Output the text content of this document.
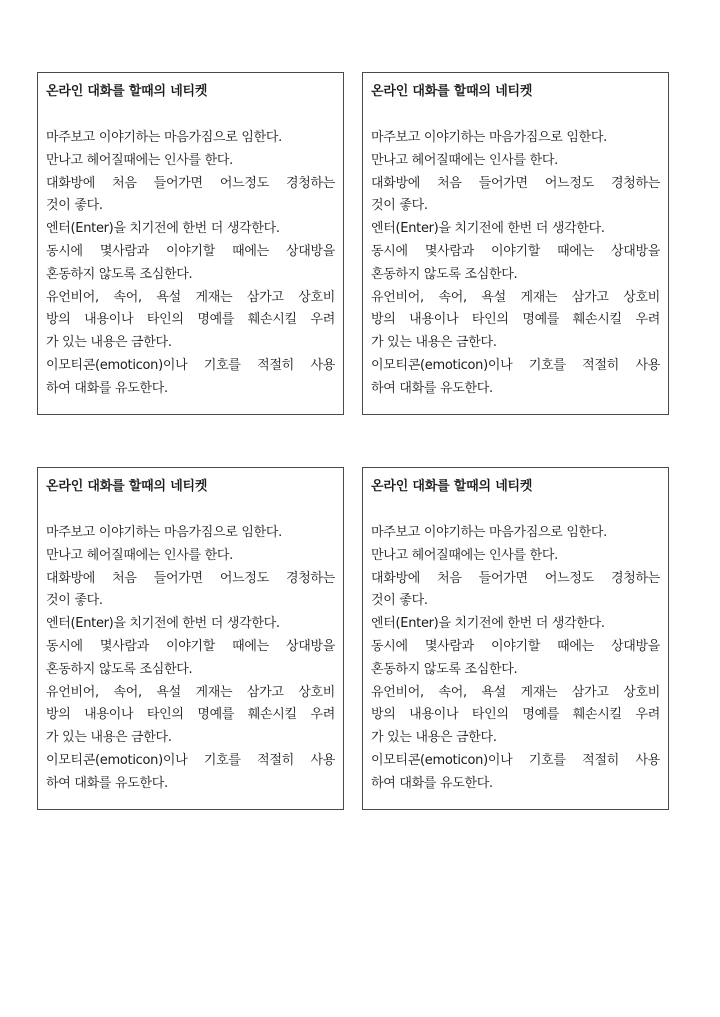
온라인 대화를 할때의 네티켓
마주보고 이야기하는 마음가짐으로 임한다.
만나고 헤어질때에는 인사를 한다.
대화방에 처음 들어가면 어느정도 경청하는
것이 좋다.
엔터(Enter)을 치기전에 한번 더 생각한다.
동시에 몇사람과 이야기할 때에는 상대방을
혼동하지 않도록 조심한다.
유언비어, 속어, 욕설 게재는 삼가고 상호비
방의 내용이나 타인의 명예를 훼손시킬 우려
가 있는 내용은 금한다.
이모티콘(emoticon)이나 기호를 적절히 사용
하여 대화를 유도한다.
온라인 대화를 할때의 네티켓
마주보고 이야기하는 마음가짐으로 임한다.
만나고 헤어질때에는 인사를 한다.
대화방에 처음 들어가면 어느정도 경청하는
것이 좋다.
엔터(Enter)을 치기전에 한번 더 생각한다.
동시에 몇사람과 이야기할 때에는 상대방을
혼동하지 않도록 조심한다.
유언비어, 속어, 욕설 게재는 삼가고 상호비
방의 내용이나 타인의 명예를 훼손시킬 우려
가 있는 내용은 금한다.
이모티콘(emoticon)이나 기호를 적절히 사용
하여 대화를 유도한다.
온라인 대화를 할때의 네티켓
마주보고 이야기하는 마음가짐으로 임한다.
만나고 헤어질때에는 인사를 한다.
대화방에 처음 들어가면 어느정도 경청하는
것이 좋다.
엔터(Enter)을 치기전에 한번 더 생각한다.
동시에 몇사람과 이야기할 때에는 상대방을
혼동하지 않도록 조심한다.
유언비어, 속어, 욕설 게재는 삼가고 상호비
방의 내용이나 타인의 명예를 훼손시킬 우려
가 있는 내용은 금한다.
이모티콘(emoticon)이나 기호를 적절히 사용
하여 대화를 유도한다.
온라인 대화를 할때의 네티켓
마주보고 이야기하는 마음가짐으로 임한다.
만나고 헤어질때에는 인사를 한다.
대화방에 처음 들어가면 어느정도 경청하는
것이 좋다.
엔터(Enter)을 치기전에 한번 더 생각한다.
동시에 몇사람과 이야기할 때에는 상대방을
혼동하지 않도록 조심한다.
유언비어, 속어, 욕설 게재는 삼가고 상호비
방의 내용이나 타인의 명예를 훼손시킬 우려
가 있는 내용은 금한다.
이모티콘(emoticon)이나 기호를 적절히 사용
하여 대화를 유도한다.
